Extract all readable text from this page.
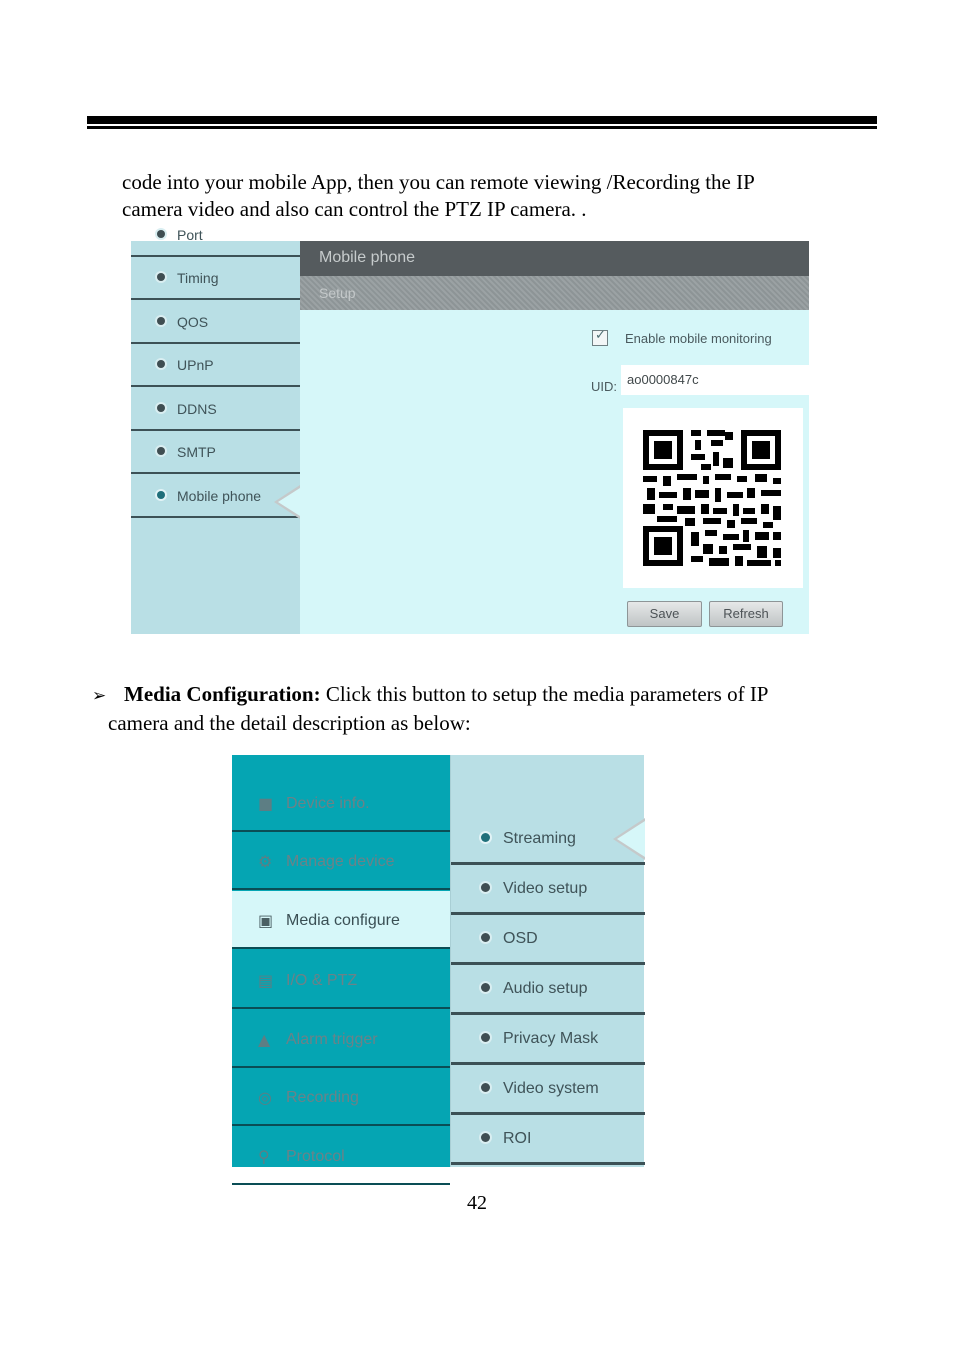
code into your mobile App, then you can remote viewing /Recording the IP
camera video and also can control the PTZ IP camera. .

Port
Timing
QOS
UPnP
DDNS
SMTP
Mobile phone
Mobile phone
Setup
✓ Enable mobile monitoring
UID: ao0000847c
Save	Refresh

➢ Media Configuration: Click this button to setup the media parameters of IP
camera and the detail description as below:

■ Device info.
⚙ Manage device
▣ Media configure
▤ I/O & PTZ
▲ Alarm trigger
◎ Recording
⚲ Protocol
Streaming
Video setup
OSD
Audio setup
Privacy Mask
Video system
ROI
42
